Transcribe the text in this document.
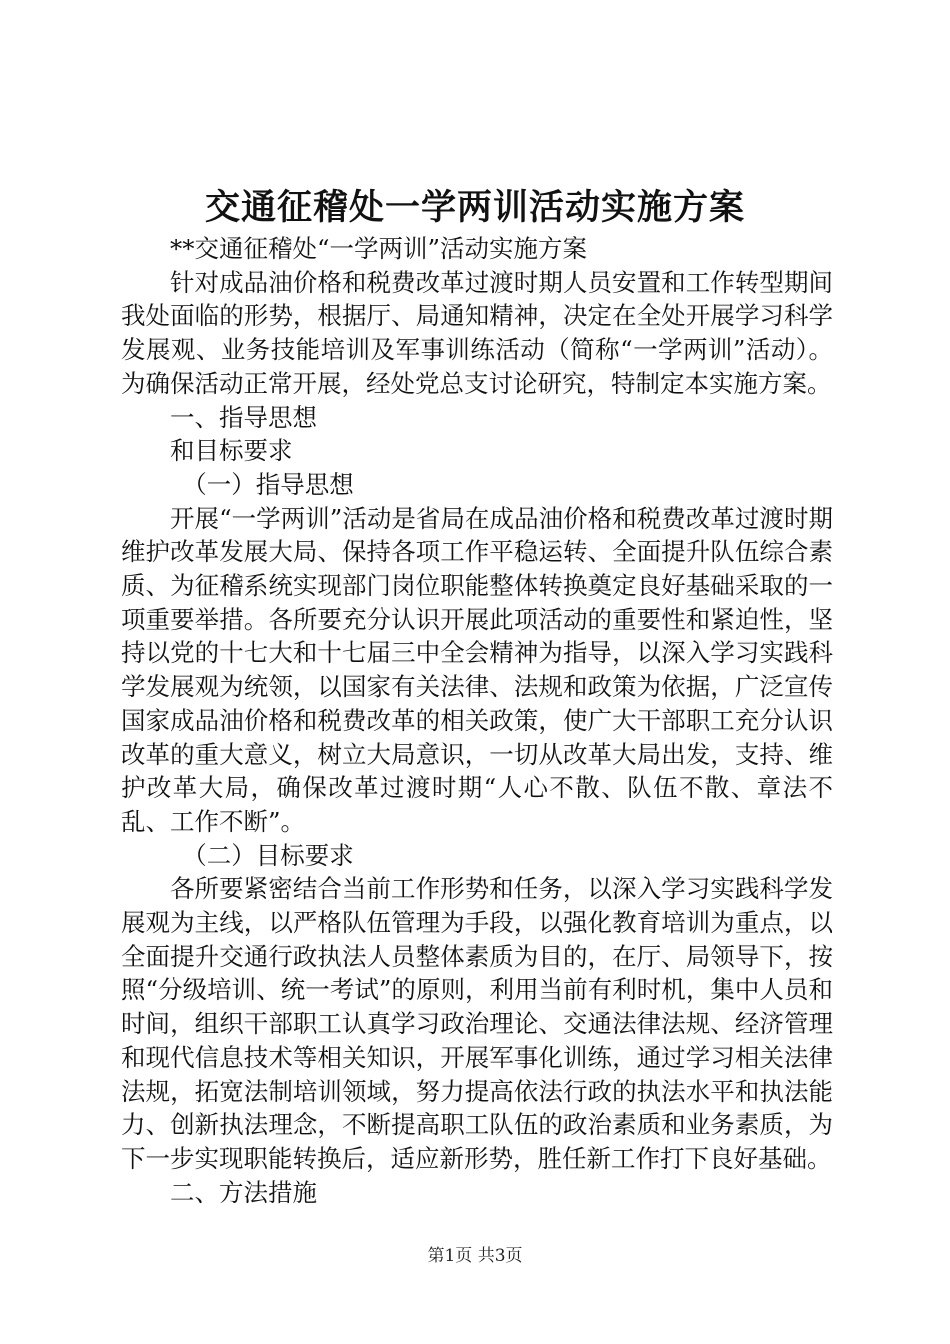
交通征稽处一学两训活动实施方案

**交通征稽处“一学两训”活动实施方案

针对成品油价格和税费改革过渡时期人员安置和工作转型期间我处面临的形势，根据厅、局通知精神，决定在全处开展学习科学发展观、业务技能培训及军事训练活动（简称“一学两训”活动）。为确保活动正常开展，经处党总支讨论研究，特制定本实施方案。

一、指导思想

和目标要求

（一）指导思想

开展“一学两训”活动是省局在成品油价格和税费改革过渡时期维护改革发展大局、保持各项工作平稳运转、全面提升队伍综合素质、为征稽系统实现部门岗位职能整体转换奠定良好基础采取的一项重要举措。各所要充分认识开展此项活动的重要性和紧迫性，坚持以党的十七大和十七届三中全会精神为指导，以深入学习实践科学发展观为统领，以国家有关法律、法规和政策为依据，广泛宣传国家成品油价格和税费改革的相关政策，使广大干部职工充分认识改革的重大意义，树立大局意识，一切从改革大局出发，支持、维护改革大局，确保改革过渡时期“人心不散、队伍不散、章法不乱、工作不断”。

（二）目标要求

各所要紧密结合当前工作形势和任务，以深入学习实践科学发展观为主线，以严格队伍管理为手段，以强化教育培训为重点，以全面提升交通行政执法人员整体素质为目的，在厅、局领导下，按照“分级培训、统一考试”的原则，利用当前有利时机，集中人员和时间，组织干部职工认真学习政治理论、交通法律法规、经济管理和现代信息技术等相关知识，开展军事化训练，通过学习相关法律法规，拓宽法制培训领域，努力提高依法行政的执法水平和执法能力、创新执法理念，不断提高职工队伍的政治素质和业务素质，为下一步实现职能转换后，适应新形势，胜任新工作打下良好基础。

二、方法措施

第1页 共3页
